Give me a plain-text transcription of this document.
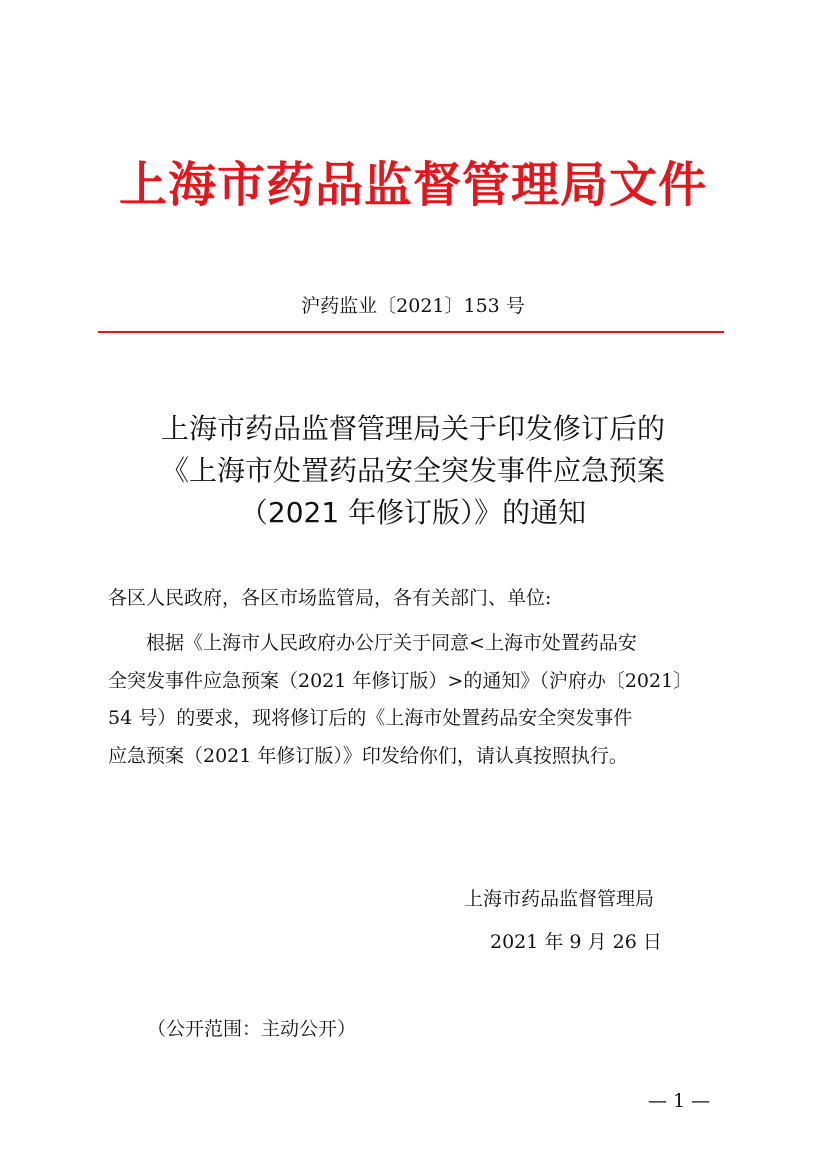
上海市药品监督管理局文件
沪药监业〔2021〕153 号
上海市药品监督管理局关于印发修订后的
《上海市处置药品安全突发事件应急预案
（2021 年修订版）》的通知
各区人民政府，各区市场监管局，各有关部门、单位:
　　根据《上海市人民政府办公厅关于同意<上海市处置药品安
全突发事件应急预案（2021 年修订版）>的通知》（沪府办〔2021〕
54 号）的要求，现将修订后的《上海市处置药品安全突发事件
应急预案（2021 年修订版）》印发给你们，请认真按照执行。
上海市药品监督管理局
2021 年 9 月 26 日
（公开范围：主动公开）
— 1 —
